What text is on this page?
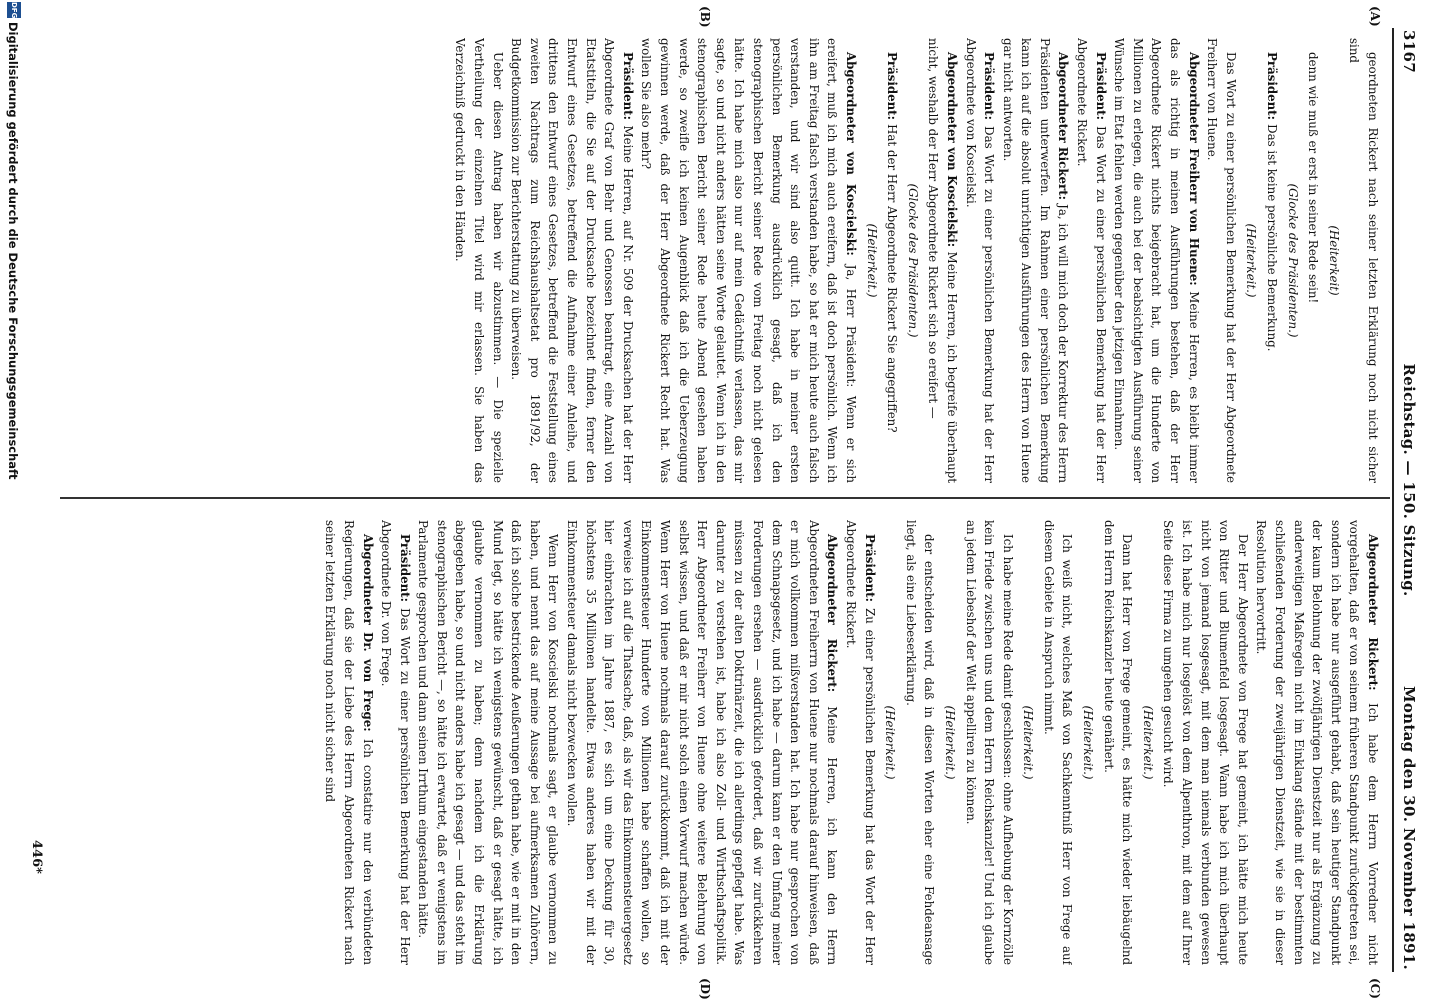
3167
Reichstag. — 150. Sitzung.
Montag den 30. November 1891.
(C)
(D)
(A)
(B)

geordneten Rickert nach seiner letzten Erklärung noch nicht sicher sind

(Heiterkeit)

denn wie muß er erst in seiner Rede sein!

(Glocke des Präsidenten.)

Präsident: Das ist keine persönliche Bemerkung.

(Heiterkeit.)

Das Wort zu einer persönlichen Bemerkung hat der Herr Abgeordnete Freiherr von Huene.

Abgeordneter Freiherr von Huene: Meine Herren, es bleibt immer das als richtig in meinen Ausführungen bestehen, daß der Herr Abgeordnete Rickert nichts beigebracht hat, um die Hunderte von Millionen zu erlegen, die auch bei der beabsichtigten Ausführung seiner Wünsche im Etat fehlen werden gegenüber den jetzigen Einnahmen.

Präsident: Das Wort zu einer persönlichen Bemerkung hat der Herr Abgeordnete Rickert.

Abgeordneter Rickert: Ja, ich will mich doch der Korrektur des Herrn Präsidenten unterwerfen. Im Rahmen einer persönlichen Bemerkung kann ich auf die absolut unrichtigen Ausführungen des Herrn von Huene gar nicht antworten.

Präsident: Das Wort zu einer persönlichen Bemerkung hat der Herr Abgeordnete von Koscielski.

Abgeordneter von Koscielski: Meine Herren, ich begreife überhaupt nicht, weshalb der Herr Abgeordnete Rickert sich so ereifert —

(Glocke des Präsidenten.)

Präsident: Hat der Herr Abgeordnete Rickert Sie angegriffen?

(Heiterkeit.)

Abgeordneter von Koscielski: Ja, Herr Präsident: Wenn er sich ereifert, muß ich mich auch ereifern, daß ist doch persönlich. Wenn ich ihn am Freitag falsch verstanden habe, so hat er mich heute auch falsch verstanden, und wir sind also quitt. Ich habe in meiner ersten persönlichen Bemerkung ausdrücklich gesagt, daß ich den stenographischen Bericht seiner Rede vom Freitag noch nicht gelesen hätte. Ich habe mich also nur auf mein Gedächtniß verlassen, das mir sagte, so und nicht anders hätten seine Worte gelautet. Wenn ich in den stenographischen Bericht seiner Rede heute Abend gesehen haben werde, so zweifle ich keinen Augenblick daß ich die Ueberzeugung gewinnen werde, daß der Herr Abgeordnete Rickert Recht hat. Was wollen Sie also mehr?

Präsident: Meine Herren, auf Nr. 509 der Drucksachen hat der Herr Abgeordnete Graf von Behr und Genossen beantragt, eine Anzahl von Etatstiteln, die Sie auf der Drucksache bezeichnet finden, ferner den Entwurf eines Gesetzes, betreffend die Aufnahme einer Anleihe, und drittens den Entwurf eines Gesetzes, betreffend die Feststellung eines zweiten Nachtrags zum Reichshaushaltsetat pro 1891/92, der Budgetkommission zur Berichterstattung zu überweisen.

Ueber diesen Antrag haben wir abzustimmen. — Die spezielle Vertheilung der einzelnen Titel wird mir erlassen. Sie haben das Verzeichniß gedruckt in den Händen.

Abgeordneter Rickert: Ich habe dem Herrn Vorredner nicht vorgehalten, daß er von seinem früheren Standpunkt zurückgetreten sei, sondern ich habe nur ausgeführt gehabt, daß sein heutiger Standpunkt der kaum Belohnung der zwölfjährigen Dienstzeit nur als Ergänzung zu anderweitigen Maßregeln nicht im Einklang stände mit der bestimmten schließenden Forderung der zweijährigen Dienstzeit, wie sie in dieser Resolution hervortritt.

Der Herr Abgeordnete von Frege hat gemeint, ich hätte mich heute von Ritter und Blumenfeld losgesagt. Wann habe ich mich überhaupt nicht von jemand losgesagt, mit dem man niemals verbunden gewesen ist. Ich habe mich nur losgelöst von dem Alpenthron, mit dem auf Ihrer Seite diese Firma zu umgehen gesucht wird.

(Heiterkeit.)

Dann hat Herr von Frege gemeint, es hätte mich wieder liebäugelnd dem Herrn Reichskanzler heute genähert.

(Heiterkeit.)

Ich weiß nicht, welches Maß von Sachkenntniß Herr von Frege auf diesem Gebiete in Anspruch nimmt.

(Heiterkeit.)

Ich habe meine Rede damit geschlossen: ohne Aufhebung der Kornzölle kein Friede zwischen uns und dem Herrn Reichskanzler! Und ich glaube an jedem Liebeshof der Welt appelliren zu können.

(Heiterkeit.)

der entscheiden wird, daß in diesen Worten eher eine Fehdeansage liegt, als eine Liebeserklärung.

(Heiterkeit.)

Präsident: Zu einer persönlichen Bemerkung hat das Wort der Herr Abgeordnete Rickert.

Abgeordneter Rickert: Meine Herren, ich kann den Herrn Abgeordneten Freiherrn von Huene nur nochmals darauf hinweisen, daß er mich vollkommen mißverstanden hat. Ich habe nur gesprochen von dem Schnapsgesetz, und ich habe — darum kann er den Umfang meiner Forderungen ersehen — ausdrücklich gefordert, daß wir zurückkehren müssen zu der alten Doktrinärzeit, die ich allerdings gepflegt habe. Was darunter zu verstehen ist, habe ich also Zoll- und Wirthschaftspolitik. Herr Abgeordneter Freiherr von Huene ohne weitere Belehrung von selbst wissen, und daß er mir nicht solch einen Vorwurf machen würde. Wenn Herr von Huene nochmals darauf zurückkommt, daß ich mit der Einkommensteuer Hunderte von Millionen habe schaffen wollen, so verweise ich auf die Thatsache, daß, als wir das Einkommensteuergesetz hier einbrachten im Jahre 1887, es sich um eine Deckung für 30, höchstens 35 Millionen handelte. Etwas anderes haben wir mit der Einkommensteuer damals nicht bezwecken wollen.

Wenn Herr von Koscielski nochmals sagt, er glaube vernommen zu haben, und nennt das auf meine Aussage bei aufmerksamen Zuhörern, daß ich solche bestrickende Aeußerungen gethan habe, wie er mit in den Mund legt, so hätte ich wenigstens gewünscht, daß er gesagt hätte, ich glaubte vernommen zu haben; denn nachdem ich die Erklärung abgegeben habe, so und nicht anders habe ich gesagt — und das steht im stenographischen Bericht —, so hätte ich erwartet, daß er wenigstens im Parlamente gesprochen und dann seinen Irrthum eingestanden hätte.

Präsident: Das Wort zu einer persönlichen Bemerkung hat der Herr Abgeordnete Dr. von Frege.

Abgeordneter Dr. von Frege: Ich constatire nur den verbündeten Regierungen, daß sie der Liebe des Herrn Abgeordneten Rickert nach seiner letzten Erklärung noch nicht sicher sind

446*
DFG
Digitalisierung gefördert durch die Deutsche Forschungsgemeinschaft
